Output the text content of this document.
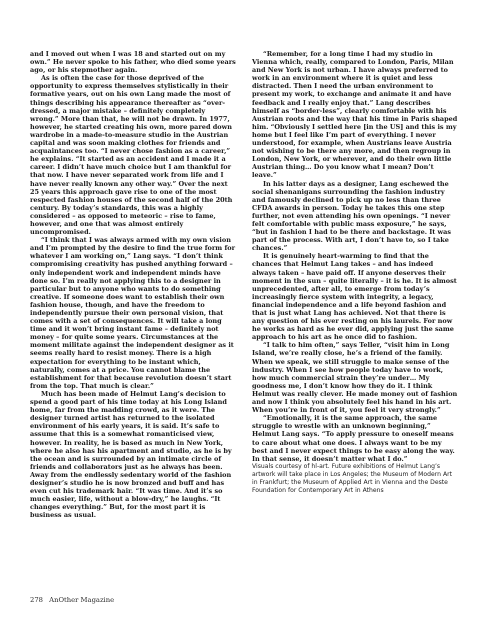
and I moved out when I was 18 and started out on my own.” He never spoke to his father, who died some years ago, or his stepmother again.

As is often the case for those deprived of the opportunity to express themselves stylistically in their formative years, out on his own Lang made the most of things describing his appearance thereafter as “over-dressed, a major mistake – definitely completely wrong.” More than that, he will not be drawn. In 1977, however, he started creating his own, more pared down wardrobe in a made-to-measure studio in the Austrian capital and was soon making clothes for friends and acquaintances too. “I never chose fashion as a career,” he explains. “It started as an accident and I made it a career. I didn’t have much choice but I am thankful for that now. I have never separated work from life and I have never really known any other way.” Over the next 25 years this approach gave rise to one of the most respected fashion houses of the second half of the 20th century. By today’s standards, this was a highly considered – as opposed to meteoric – rise to fame, however, and one that was almost entirely uncompromised.

“I think that I was always armed with my own vision and I’m prompted by the desire to find the true form for whatever I am working on,” Lang says. “I don’t think compromising creativity has pushed anything forward – only independent work and independent minds have done so. I’m really not applying this to a designer in particular but to anyone who wants to do something creative. If someone does want to establish their own fashion house, though, and have the freedom to independently pursue their own personal vision, that comes with a set of consequences. It will take a long time and it won’t bring instant fame – definitely not money – for quite some years. Circumstances at the moment militate against the independent designer as it seems really hard to resist money. There is a high expectation for everything to be instant which, naturally, comes at a price. You cannot blame the establishment for that because revolution doesn’t start from the top. That much is clear.”

Much has been made of Helmut Lang’s decision to spend a good part of his time today at his Long Island home, far from the madding crowd, as it were. The designer turned artist has returned to the isolated environment of his early years, it is said. It’s safe to assume that this is a somewhat romanticised view, however. In reality, he is based as much in New York, where he also has his apartment and studio, as he is by the ocean and is surrounded by an intimate circle of friends and collaborators just as he always has been. Away from the endlessly sedentary world of the fashion designer’s studio he is now bronzed and buff and has even cut his trademark hair. “It was time. And it’s so much easier, life, without a blow-dry,” he laughs. “It changes everything.” But, for the most part it is business as usual.

“Remember, for a long time I had my studio in Vienna which, really, compared to London, Paris, Milan and New York is not urban. I have always preferred to work in an environment where it is quiet and less distracted. Then I need the urban environment to present my work, to exchange and animate it and have feedback and I really enjoy that.” Lang describes himself as “border-less”, clearly comfortable with his Austrian roots and the way that his time in Paris shaped him. “Obviously I settled here [in the US] and this is my home but I feel like I’m part of everything. I never understood, for example, when Austrians leave Austria not wishing to be there any more, and then regroup in London, New York, or wherever, and do their own little Austrian thing… Do you know what I mean? Don’t leave.”

In his latter days as a designer, Lang eschewed the social shenanigans surrounding the fashion industry and famously declined to pick up no less than three CFDA awards in person. Today he takes this one step further, not even attending his own openings. “I never felt comfortable with public mass exposure,” he says, “but in fashion I had to be there and backstage. It was part of the process. With art, I don’t have to, so I take chances.”

It is genuinely heart-warming to find that the chances that Helmut Lang takes – and has indeed always taken – have paid off. If anyone deserves their moment in the sun – quite literally – it is he. It is almost unprecedented, after all, to emerge from today’s increasingly fierce system with integrity, a legacy, financial independence and a life beyond fashion and that is just what Lang has achieved. Not that there is any question of his ever resting on his laurels. For now he works as hard as he ever did, applying just the same approach to his art as he once did to fashion.

“I talk to him often,” says Teller, “visit him in Long Island, we’re really close, he’s a friend of the family. When we speak, we still struggle to make sense of the industry. When I see how people today have to work, how much commercial strain they’re under… My goodness me, I don’t know how they do it. I think Helmut was really clever. He made money out of fashion and now I think you absolutely feel his hand in his art. When you’re in front of it, you feel it very strongly.”

“Emotionally, it is the same approach, the same struggle to wrestle with an unknown beginning,” Helmut Lang says. “To apply pressure to oneself means to care about what one does. I always want to be my best and I never expect things to be easy along the way. In that sense, it doesn’t matter what I do.”

Visuals courtesy of hl-art. Future exhibitions of Helmut Lang’s artwork will take place in Los Angeles; the Museum of Modern Art in Frankfurt; the Museum of Applied Art in Vienna and the Deste Foundation for Contemporary Art in Athens

278 AnOther Magazine
